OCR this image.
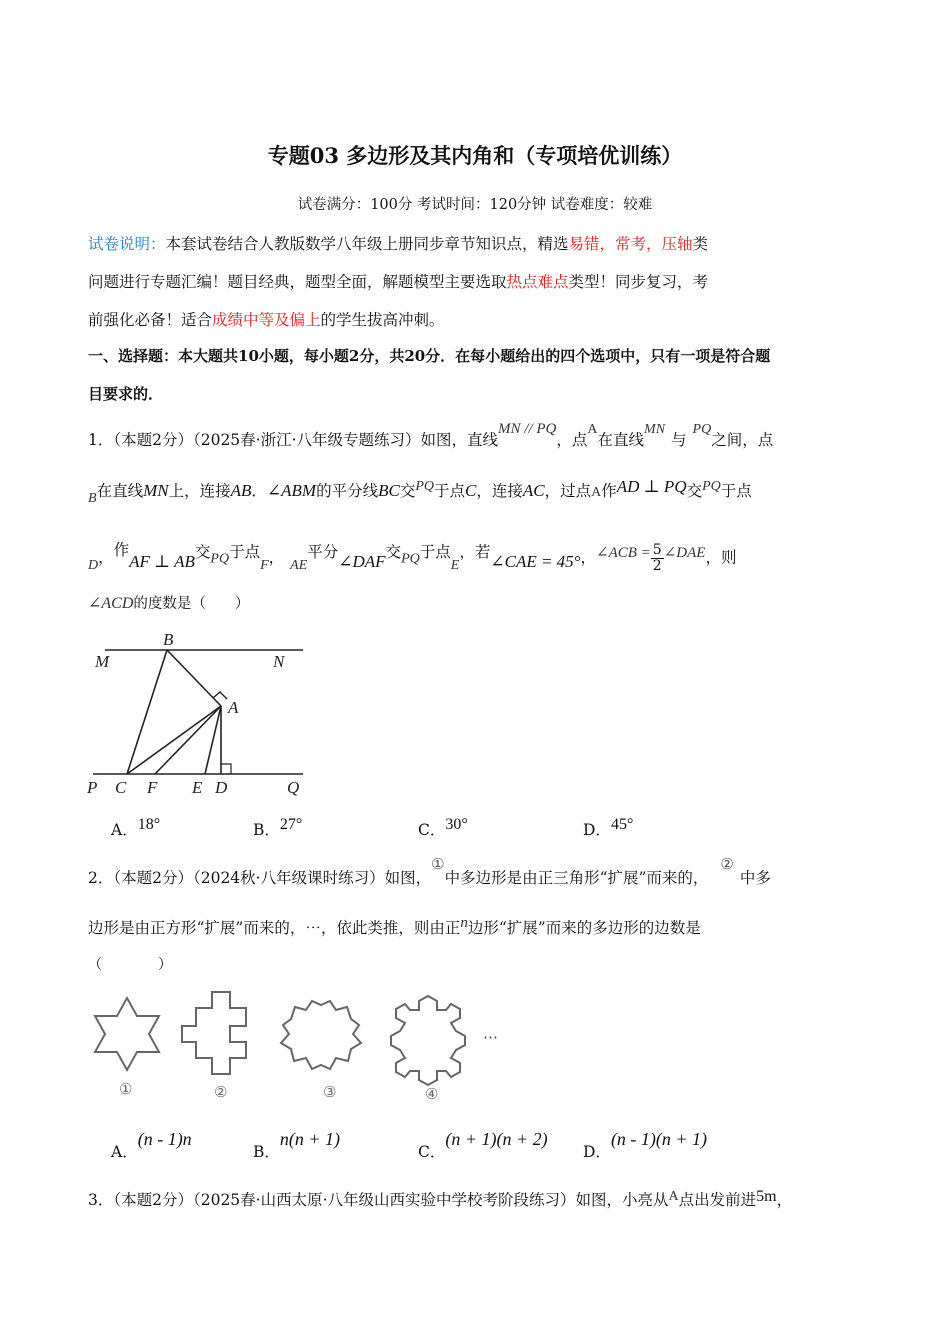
专题03 多边形及其内角和（专项培优训练）
试卷满分：100分 考试时间：120分钟 试卷难度：较难
试卷说明：本套试卷结合人教版数学八年级上册同步章节知识点，精选易错，常考，压轴类
问题进行专题汇编！题目经典，题型全面，解题模型主要选取热点难点类型！同步复习，考
前强化必备！适合成绩中等及偏上的学生拔高冲刺。
一、选择题：本大题共10小题，每小题2分，共20分．在每小题给出的四个选项中，只有一项是符合题
目要求的．
1．（本题2分）（2025春·浙江·八年级专题练习）如图，直线MN // PQ，点A在直线MN与PQ之间，点
B在直线MN上，连接AB．∠ABM的平分线BC交PQ于点C，连接AC，过点A作AD ⊥ PQ交PQ于点
D，作AF ⊥ AB交PQ于点F， AE平分∠DAF交PQ于点E，若∠CAE = 45°，∠ACB = $\frac{5}{2}$ ∠DAE，则
∠ACD的度数是（　　）
B
M	N
A
P C F E D	Q
A．18°	B．27°	C．30°	D．45°
2．（本题2分）（2024秋·八年级课时练习）如图，①中多边形是由正三角形“扩展”而来的，②中多
边形是由正方形“扩展”而来的，⋯，依此类推，则由正n边形“扩展”而来的多边形的边数是
（　　　　）
⋯
①	②	③	④
A．(n - 1)n
B．n(n + 1)
C．(n + 1)(n + 2)
D．(n - 1)(n + 1)
3．（本题2分）（2025春·山西太原·八年级山西实验中学校考阶段练习）如图，小亮从A点出发前进5m，
